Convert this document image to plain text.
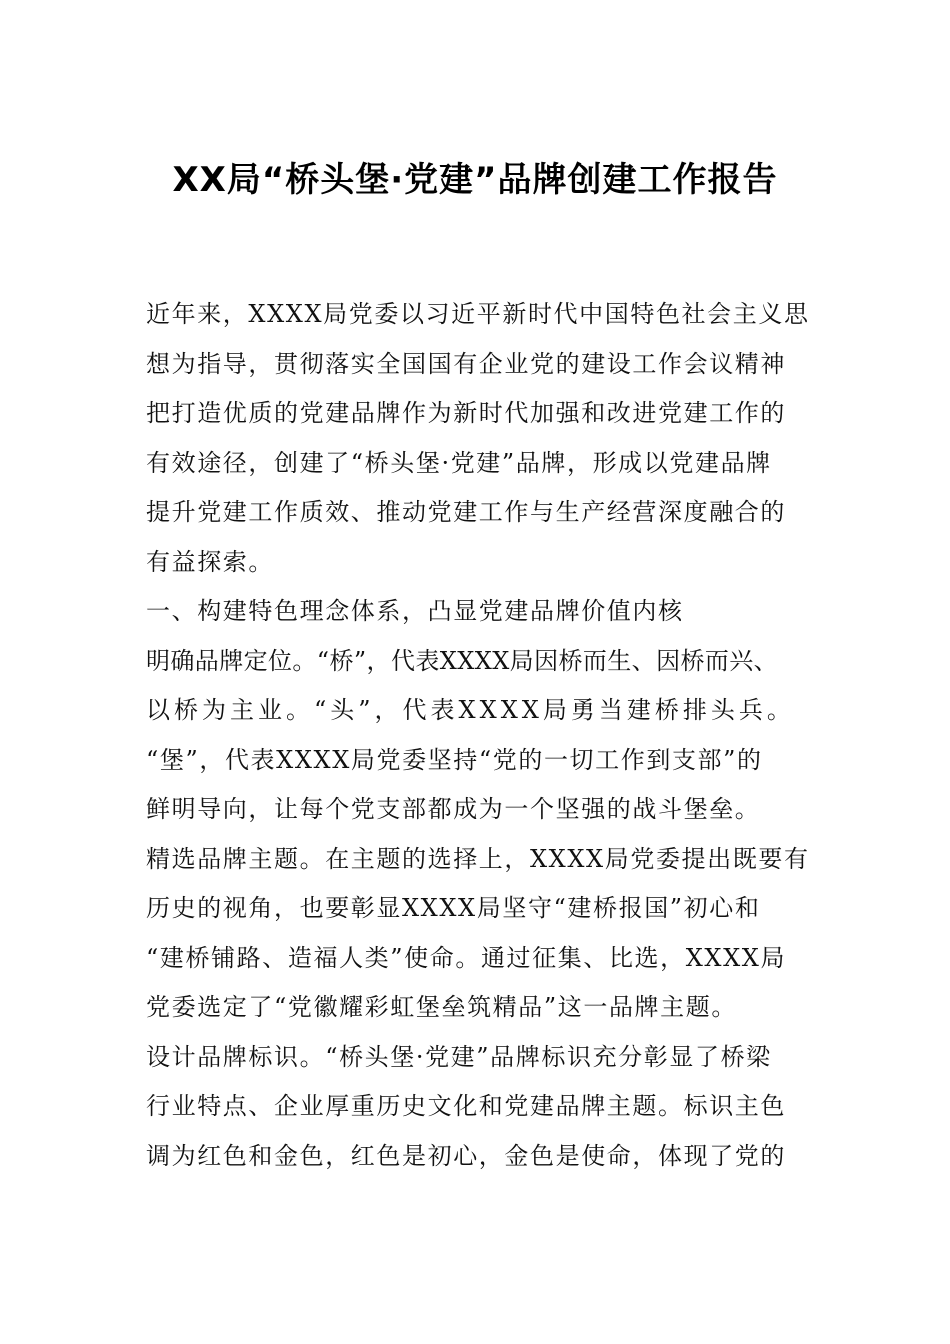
XX局“桥头堡·党建”品牌创建工作报告
近年来，XXXX局党委以习近平新时代中国特色社会主义思
想为指导，贯彻落实全国国有企业党的建设工作会议精神
把打造优质的党建品牌作为新时代加强和改进党建工作的
有效途径，创建了“桥头堡·党建”品牌，形成以党建品牌
提升党建工作质效、推动党建工作与生产经营深度融合的
有益探索。
一、构建特色理念体系，凸显党建品牌价值内核
明确品牌定位。“桥”，代表XXXX局因桥而生、因桥而兴、
以桥为主业。“头”，代表XXXX局勇当建桥排头兵。
“堡”，代表XXXX局党委坚持“党的一切工作到支部”的
鲜明导向，让每个党支部都成为一个坚强的战斗堡垒。
精选品牌主题。在主题的选择上，XXXX局党委提出既要有
历史的视角，也要彰显XXXX局坚守“建桥报国”初心和
“建桥铺路、造福人类”使命。通过征集、比选，XXXX局
党委选定了“党徽耀彩虹堡垒筑精品”这一品牌主题。
设计品牌标识。“桥头堡·党建”品牌标识充分彰显了桥梁
行业特点、企业厚重历史文化和党建品牌主题。标识主色
调为红色和金色，红色是初心，金色是使命，体现了党的
